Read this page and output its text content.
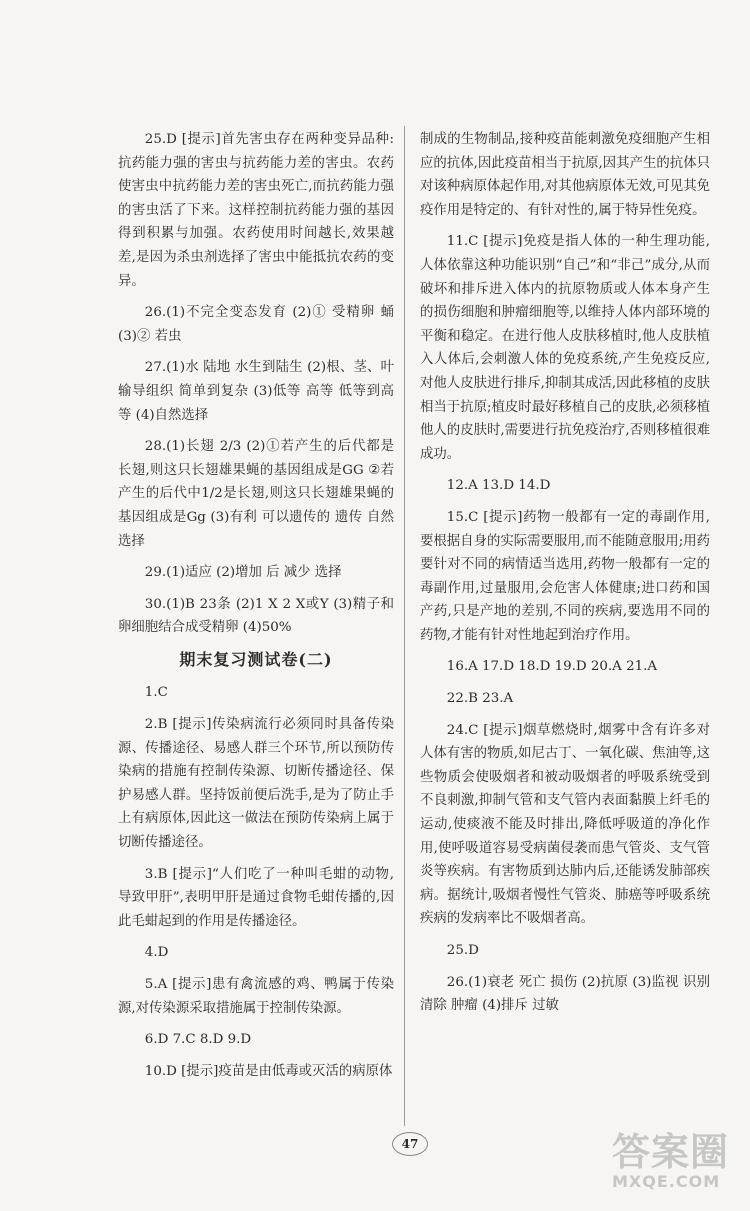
25.D [提示]首先害虫存在两种变异品种:抗药能力强的害虫与抗药能力差的害虫。农药使害虫中抗药能力差的害虫死亡,而抗药能力强的害虫活了下来。这样控制抗药能力强的基因得到积累与加强。农药使用时间越长,效果越差,是因为杀虫剂选择了害虫中能抵抗农药的变异。

26.(1)不完全变态发育 (2)① 受精卵 蛹 (3)② 若虫

27.(1)水 陆地 水生到陆生 (2)根、茎、叶 输导组织 简单到复杂 (3)低等 高等 低等到高等 (4)自然选择

28.(1)长翅 2/3 (2)①若产生的后代都是长翅,则这只长翅雄果蝇的基因组成是GG ②若产生的后代中1/2是长翅,则这只长翅雄果蝇的基因组成是Gg (3)有利 可以遗传的 遗传 自然选择

29.(1)适应 (2)增加 后 减少 选择

30.(1)B 23条 (2)1 X 2 X或Y (3)精子和卵细胞结合成受精卵 (4)50%

期末复习测试卷(二)

1.C

2.B [提示]传染病流行必须同时具备传染源、传播途径、易感人群三个环节,所以预防传染病的措施有控制传染源、切断传播途径、保护易感人群。坚持饭前便后洗手,是为了防止手上有病原体,因此这一做法在预防传染病上属于切断传播途径。

3.B [提示]“人们吃了一种叫毛蚶的动物,导致甲肝”,表明甲肝是通过食物毛蚶传播的,因此毛蚶起到的作用是传播途径。

4.D

5.A [提示]患有禽流感的鸡、鸭属于传染源,对传染源采取措施属于控制传染源。

6.D 7.C 8.D 9.D

10.D [提示]疫苗是由低毒或灭活的病原体

制成的生物制品,接种疫苗能刺激免疫细胞产生相应的抗体,因此疫苗相当于抗原,因其产生的抗体只对该种病原体起作用,对其他病原体无效,可见其免疫作用是特定的、有针对性的,属于特异性免疫。

11.C [提示]免疫是指人体的一种生理功能,人体依靠这种功能识别“自己”和“非己”成分,从而破坏和排斥进入体内的抗原物质或人体本身产生的损伤细胞和肿瘤细胞等,以维持人体内部环境的平衡和稳定。在进行他人皮肤移植时,他人皮肤植入人体后,会刺激人体的免疫系统,产生免疫反应,对他人皮肤进行排斥,抑制其成活,因此移植的皮肤相当于抗原;植皮时最好移植自己的皮肤,必须移植他人的皮肤时,需要进行抗免疫治疗,否则移植很难成功。

12.A 13.D 14.D

15.C [提示]药物一般都有一定的毒副作用,要根据自身的实际需要服用,而不能随意服用;用药要针对不同的病情适当选用,药物一般都有一定的毒副作用,过量服用,会危害人体健康;进口药和国产药,只是产地的差别,不同的疾病,要选用不同的药物,才能有针对性地起到治疗作用。

16.A 17.D 18.D 19.D 20.A 21.A

22.B 23.A

24.C [提示]烟草燃烧时,烟雾中含有许多对人体有害的物质,如尼古丁、一氧化碳、焦油等,这些物质会使吸烟者和被动吸烟者的呼吸系统受到不良刺激,抑制气管和支气管内表面黏膜上纤毛的运动,使痰液不能及时排出,降低呼吸道的净化作用,使呼吸道容易受病菌侵袭而患气管炎、支气管炎等疾病。有害物质到达肺内后,还能诱发肺部疾病。据统计,吸烟者慢性气管炎、肺癌等呼吸系统疾病的发病率比不吸烟者高。

25.D

26.(1)衰老 死亡 损伤 (2)抗原 (3)监视 识别 清除 肿瘤 (4)排斥 过敏

47	答案圈
MXQE.COM
